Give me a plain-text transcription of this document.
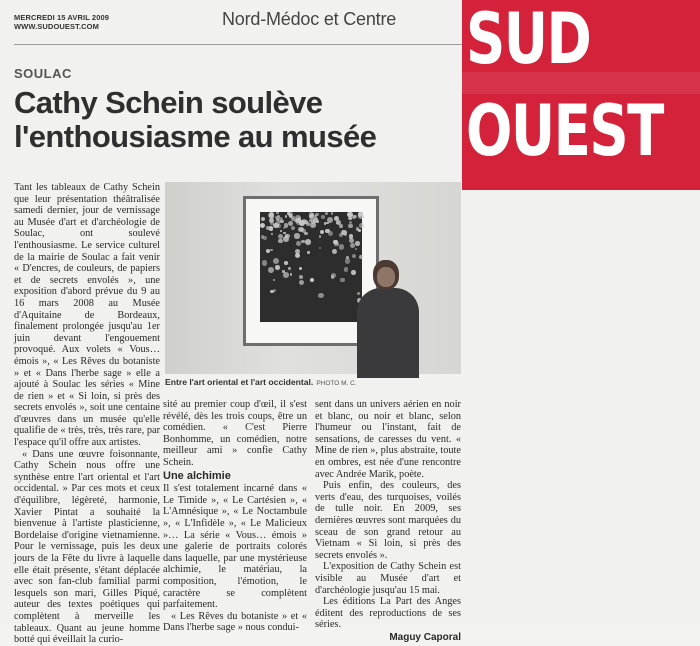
MERCREDI 15 AVRIL 2009
WWW.SUDOUEST.COM	Nord-Médoc et Centre SUD
OUEST
SOULAC
Cathy Schein soulève
l'enthousiasme au musée

Tant les tableaux de Cathy Schein que leur présentation théâtralisée samedi dernier, jour de vernissage au Musée d'art et d'archéologie de Soulac, ont soulevé l'enthousiasme. Le service culturel de la mairie de Soulac a fait venir « D'encres, de couleurs, de papiers et de secrets envolés », une exposition d'abord prévue du 9 au 16 mars 2008 au Musée d'Aquitaine de Bordeaux, finalement prolongée jusqu'au 1er juin devant l'engouement provoqué. Aux volets « Vous… émois », « Les Rêves du botaniste » et « Dans l'herbe sage » elle a ajouté à Soulac les séries « Mine de rien » et « Si loin, si près des secrets envolés », soit une centaine d'œuvres dans un musée qu'elle qualifie de « très, très, très rare, par l'espace qu'il offre aux artistes.

« Dans une œuvre foisonnante, Cathy Schein nous offre une synthèse entre l'art oriental et l'art occidental. » Par ces mots et ceux d'équilibre, légèreté, harmonie, Xavier Pintat a souhaité la bienvenue à l'artiste plasticienne, Bordelaise d'origine vietnamienne. Pour le vernissage, puis les deux jours de la Fête du livre à laquelle elle était présente, s'étant déplacée avec son fan-club familial parmi lesquels son mari, Gilles Piqué, auteur des textes poétiques qui complètent à merveille les tableaux. Quant au jeune homme botté qui éveillait la curio-

Entre l'art oriental et l'art occidental. PHOTO M. C.

sité au premier coup d'œil, il s'est révélé, dès les trois coups, être un comédien. « C'est Pierre Bonhomme, un comédien, notre meilleur ami » confie Cathy Schein.

Une alchimie

Il s'est totalement incarné dans « Le Timide », « Le Cartésien », « L'Amnésique », « Le Noctambule », « L'Infidèle », « Le Malicieux »… La série « Vous… émois » une galerie de portraits colorés dans laquelle, par une mystérieuse alchimie, le matériau, la composition, l'émotion, le caractère se complètent parfaitement.

« Les Rêves du botaniste » et « Dans l'herbe sage » nous condui-

sent dans un univers aérien en noir et blanc, ou noir et blanc, selon l'humeur ou l'instant, fait de sensations, de caresses du vent. « Mine de rien », plus abstraite, toute en ombres, est née d'une rencontre avec Andrée Marik, poète.

Puis enfin, des couleurs, des verts d'eau, des turquoises, voilés de tulle noir. En 2009, ses dernières œuvres sont marquées du sceau de son grand retour au Vietnam « Si loin, si près des secrets envolés ».

L'exposition de Cathy Schein est visible au Musée d'art et d'archéologie jusqu'au 15 mai.

Les éditions La Part des Anges éditent des reproductions de ses séries.

Maguy Caporal
